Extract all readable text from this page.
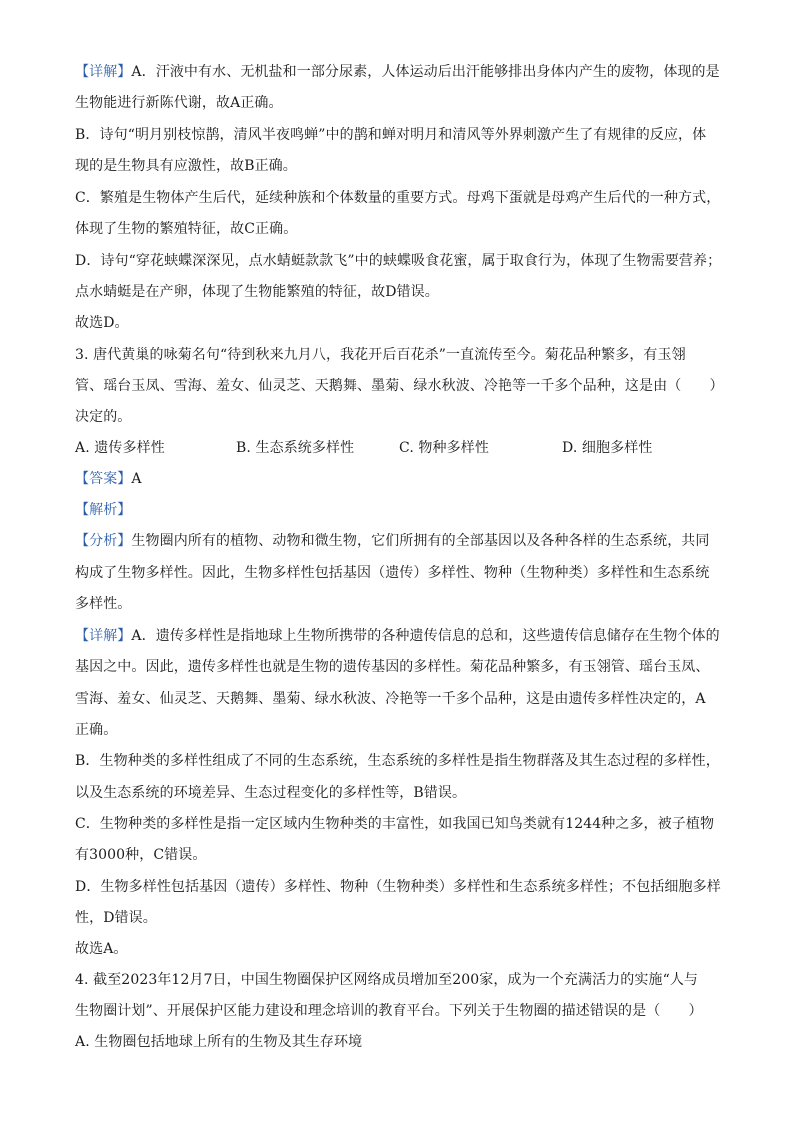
【详解】A．汗液中有水、无机盐和一部分尿素，人体运动后出汗能够排出身体内产生的废物，体现的是
生物能进行新陈代谢，故A正确。
B．诗句“明月别枝惊鹊，清风半夜鸣蝉”中的鹊和蝉对明月和清风等外界刺激产生了有规律的反应，体
现的是生物具有应激性，故B正确。
C．繁殖是生物体产生后代，延续种族和个体数量的重要方式。母鸡下蛋就是母鸡产生后代的一种方式，
体现了生物的繁殖特征，故C正确。
D．诗句“穿花蛱蝶深深见，点水蜻蜓款款飞”中的蛱蝶吸食花蜜，属于取食行为，体现了生物需要营养；
点水蜻蜓是在产卵，体现了生物能繁殖的特征，故D错误。
故选D。
3. 唐代黄巢的咏菊名句“待到秋来九月八，我花开后百花杀”一直流传至今。菊花品种繁多，有玉翎
管、瑶台玉凤、雪海、羞女、仙灵芝、天鹅舞、墨菊、绿水秋波、冷艳等一千多个品种，这是由（　　）
决定的。
A. 遗传多样性	B. 生态系统多样性	C. 物种多样性	D. 细胞多样性
【答案】A
【解析】
【分析】生物圈内所有的植物、动物和微生物，它们所拥有的全部基因以及各种各样的生态系统，共同
构成了生物多样性。因此，生物多样性包括基因（遗传）多样性、物种（生物种类）多样性和生态系统
多样性。
【详解】A．遗传多样性是指地球上生物所携带的各种遗传信息的总和，这些遗传信息储存在生物个体的
基因之中。因此，遗传多样性也就是生物的遗传基因的多样性。菊花品种繁多，有玉翎管、瑶台玉凤、
雪海、羞女、仙灵芝、天鹅舞、墨菊、绿水秋波、冷艳等一千多个品种，这是由遗传多样性决定的，A
正确。
B．生物种类的多样性组成了不同的生态系统，生态系统的多样性是指生物群落及其生态过程的多样性，
以及生态系统的环境差异、生态过程变化的多样性等，B错误。
C．生物种类的多样性是指一定区域内生物种类的丰富性，如我国已知鸟类就有1244种之多，被子植物
有3000种，C错误。
D．生物多样性包括基因（遗传）多样性、物种（生物种类）多样性和生态系统多样性；不包括细胞多样
性，D错误。
故选A。
4. 截至2023年12月7日，中国生物圈保护区网络成员增加至200家，成为一个充满活力的实施“人与
生物圈计划”、开展保护区能力建设和理念培训的教育平台。下列关于生物圈的描述错误的是（　　）
A. 生物圈包括地球上所有的生物及其生存环境
